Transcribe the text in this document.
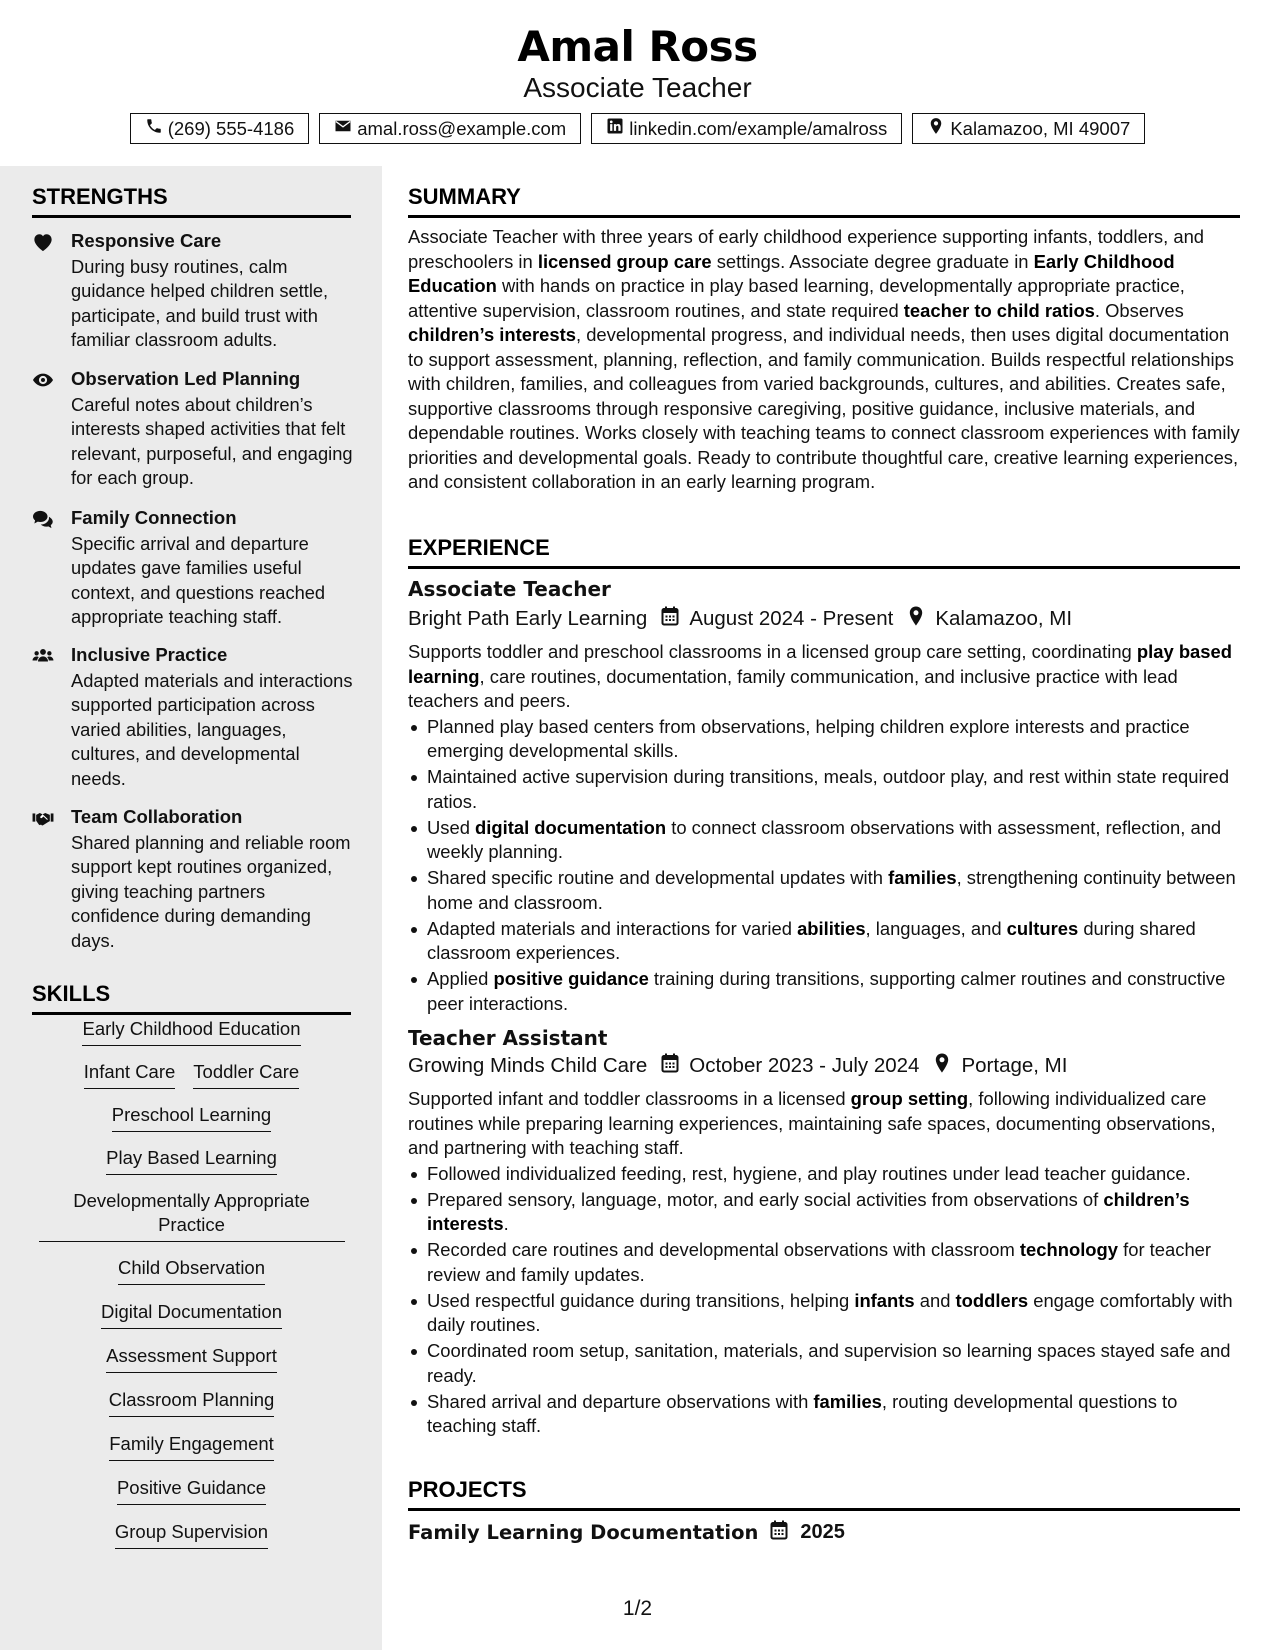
Amal Ross
Associate Teacher
(269) 555-4186	amal.ross@example.com	linkedin.com/example/amalross	Kalamazoo, MI 49007
STRENGTHS
Responsive Care
During busy routines, calm guidance helped children settle, participate, and build trust with familiar classroom adults.
Observation Led Planning
Careful notes about children’s interests shaped activities that felt relevant, purposeful, and engaging for each group.
Family Connection
Specific arrival and departure updates gave families useful context, and questions reached appropriate teaching staff.
Inclusive Practice
Adapted materials and interactions supported participation across varied abilities, languages, cultures, and developmental needs.
Team Collaboration
Shared planning and reliable room support kept routines organized, giving teaching partners confidence during demanding days.
SKILLS
Early Childhood Education
Infant Care Toddler Care
Preschool Learning
Play Based Learning
Developmentally Appropriate Practice
Child Observation
Digital Documentation
Assessment Support
Classroom Planning
Family Engagement
Positive Guidance
Group Supervision
SUMMARY

Associate Teacher with three years of early childhood experience supporting infants, toddlers, and preschoolers in licensed group care settings. Associate degree graduate in Early Childhood Education with hands on practice in play based learning, developmentally appropriate practice, attentive supervision, classroom routines, and state required teacher to child ratios. Observes children’s interests, developmental progress, and individual needs, then uses digital documentation to support assessment, planning, reflection, and family communication. Builds respectful relationships with children, families, and colleagues from varied backgrounds, cultures, and abilities. Creates safe, supportive classrooms through responsive caregiving, positive guidance, inclusive materials, and dependable routines. Works closely with teaching teams to connect classroom experiences with family priorities and developmental goals. Ready to contribute thoughtful care, creative learning experiences, and consistent collaboration in an early learning program.

EXPERIENCE
Associate Teacher
Bright Path Early Learning August 2024 - Present Kalamazoo, MI

Supports toddler and preschool classrooms in a licensed group care setting, coordinating play based learning, care routines, documentation, family communication, and inclusive practice with lead teachers and peers.

Planned play based centers from observations, helping children explore interests and practice emerging developmental skills.
Maintained active supervision during transitions, meals, outdoor play, and rest within state required ratios.
Used digital documentation to connect classroom observations with assessment, reflection, and weekly planning.
Shared specific routine and developmental updates with families, strengthening continuity between home and classroom.
Adapted materials and interactions for varied abilities, languages, and cultures during shared classroom experiences.
Applied positive guidance training during transitions, supporting calmer routines and constructive peer interactions.
Teacher Assistant
Growing Minds Child Care October 2023 - July 2024 Portage, MI

Supported infant and toddler classrooms in a licensed group setting, following individualized care routines while preparing learning experiences, maintaining safe spaces, documenting observations, and partnering with teaching staff.

Followed individualized feeding, rest, hygiene, and play routines under lead teacher guidance.
Prepared sensory, language, motor, and early social activities from observations of children’s interests.
Recorded care routines and developmental observations with classroom technology for teacher review and family updates.
Used respectful guidance during transitions, helping infants and toddlers engage comfortably with daily routines.
Coordinated room setup, sanitation, materials, and supervision so learning spaces stayed safe and ready.
Shared arrival and departure observations with families, routing developmental questions to teaching staff.
PROJECTS
Family Learning Documentation 2025
1/2
